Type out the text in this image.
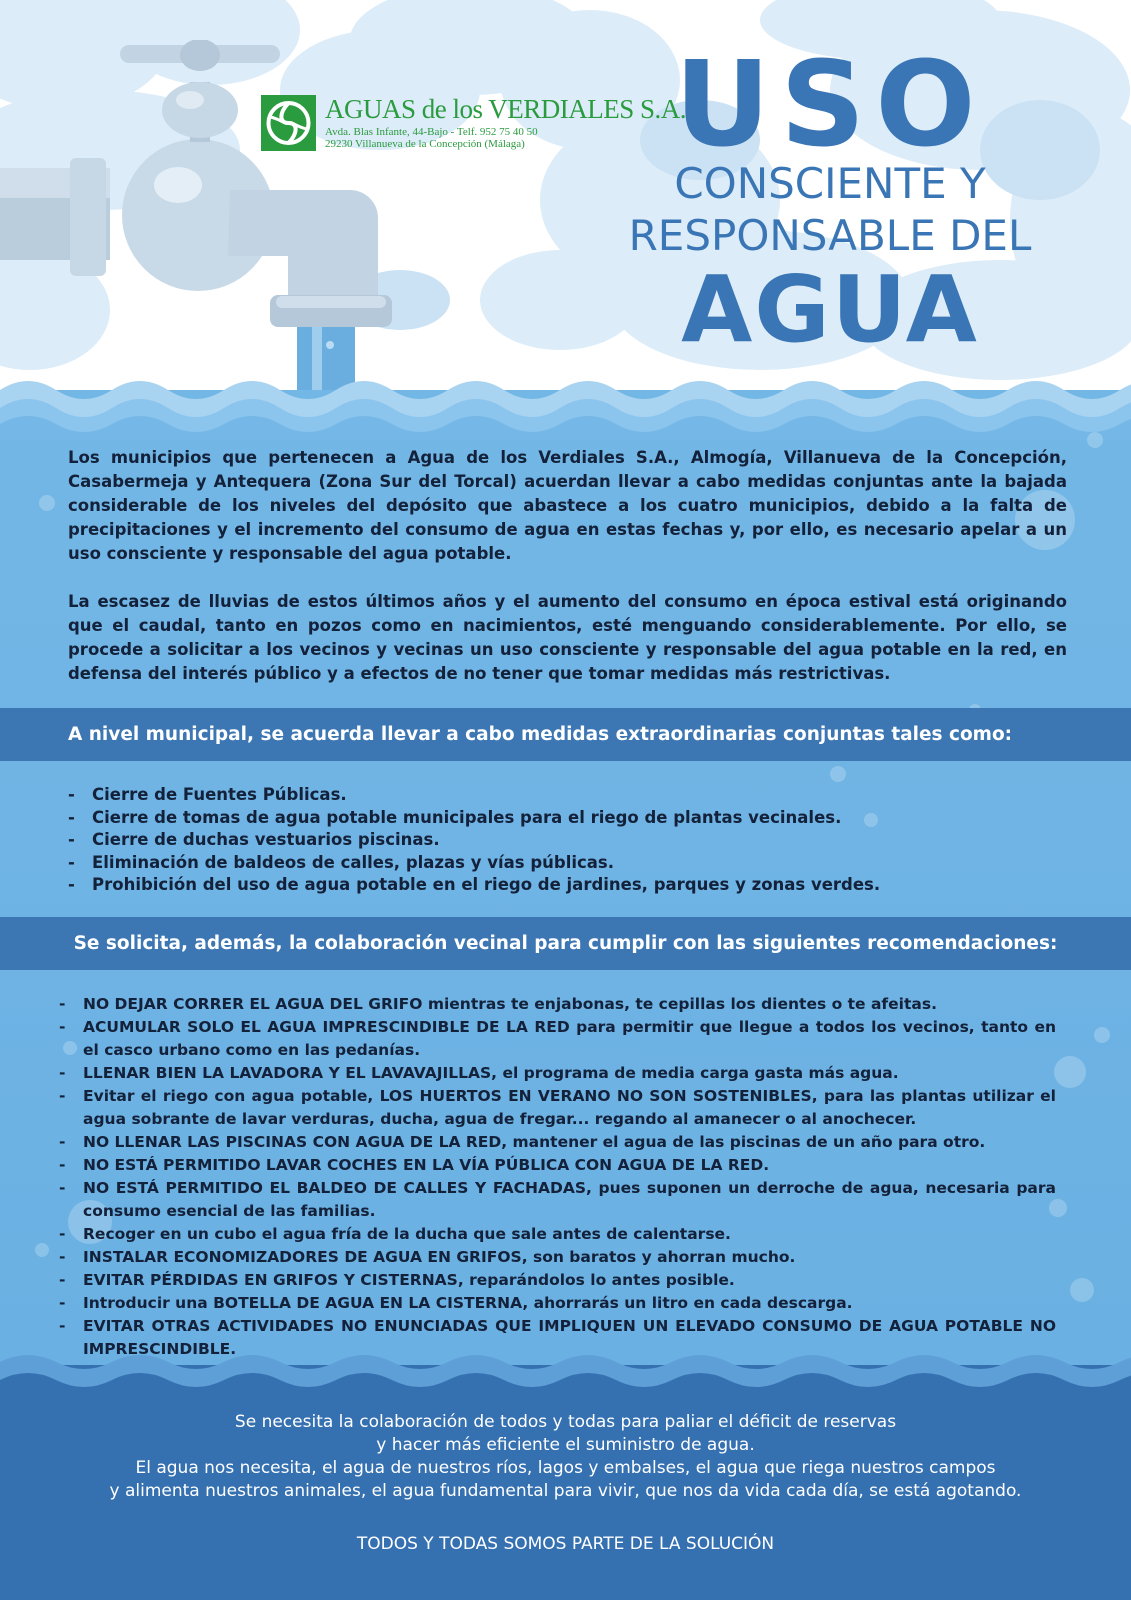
AGUAS de los VERDIALES S.A.
Avda. Blas Infante, 44-Bajo - Telf. 952 75 40 50
29230 Villanueva de la Concepción (Málaga)	USO
CONSCIENTE Y
RESPONSABLE DEL
AGUA

Los municipios que pertenecen a Agua de los Verdiales S.A., Almogía, Villanueva de la Concepción, Casabermeja y Antequera (Zona Sur del Torcal) acuerdan llevar a cabo medidas conjuntas ante la bajada considerable de los niveles del depósito que abastece a los cuatro municipios, debido a la falta de precipitaciones y el incremento del consumo de agua en estas fechas y, por ello, es necesario apelar a un uso consciente y responsable del agua potable.

La escasez de lluvias de estos últimos años y el aumento del consumo en época estival está originando que el caudal, tanto en pozos como en nacimientos, esté menguando considerablemente. Por ello, se procede a solicitar a los vecinos y vecinas un uso consciente y responsable del agua potable en la red, en defensa del interés público y a efectos de no tener que tomar medidas más restrictivas.

A nivel municipal, se acuerda llevar a cabo medidas extraordinarias conjuntas tales como:
- Cierre de Fuentes Públicas.
- Cierre de tomas de agua potable municipales para el riego de plantas vecinales.
- Cierre de duchas vestuarios piscinas.
- Eliminación de baldeos de calles, plazas y vías públicas.
- Prohibición del uso de agua potable en el riego de jardines, parques y zonas verdes.
Se solicita, además, la colaboración vecinal para cumplir con las siguientes recomendaciones:
- NO DEJAR CORRER EL AGUA DEL GRIFO mientras te enjabonas, te cepillas los dientes o te afeitas.
- ACUMULAR SOLO EL AGUA IMPRESCINDIBLE DE LA RED para permitir que llegue a todos los vecinos, tanto en el casco urbano como en las pedanías.
- LLENAR BIEN LA LAVADORA Y EL LAVAVAJILLAS, el programa de media carga gasta más agua.
- Evitar el riego con agua potable, LOS HUERTOS EN VERANO NO SON SOSTENIBLES, para las plantas utilizar el agua sobrante de lavar verduras, ducha, agua de fregar... regando al amanecer o al anochecer.
- NO LLENAR LAS PISCINAS CON AGUA DE LA RED, mantener el agua de las piscinas de un año para otro.
- NO ESTÁ PERMITIDO LAVAR COCHES EN LA VÍA PÚBLICA CON AGUA DE LA RED.
- NO ESTÁ PERMITIDO EL BALDEO DE CALLES Y FACHADAS, pues suponen un derroche de agua, necesaria para consumo esencial de las familias.
- Recoger en un cubo el agua fría de la ducha que sale antes de calentarse.
- INSTALAR ECONOMIZADORES DE AGUA EN GRIFOS, son baratos y ahorran mucho.
- EVITAR PÉRDIDAS EN GRIFOS Y CISTERNAS, reparándolos lo antes posible.
- Introducir una BOTELLA DE AGUA EN LA CISTERNA, ahorrarás un litro en cada descarga.
- EVITAR OTRAS ACTIVIDADES NO ENUNCIADAS QUE IMPLIQUEN UN ELEVADO CONSUMO DE AGUA POTABLE NO IMPRESCINDIBLE.

Se necesita la colaboración de todos y todas para paliar el déficit de reservas
y hacer más eficiente el suministro de agua.
El agua nos necesita, el agua de nuestros ríos, lagos y embalses, el agua que riega nuestros campos
y alimenta nuestros animales, el agua fundamental para vivir, que nos da vida cada día, se está agotando.

TODOS Y TODAS SOMOS PARTE DE LA SOLUCIÓN
